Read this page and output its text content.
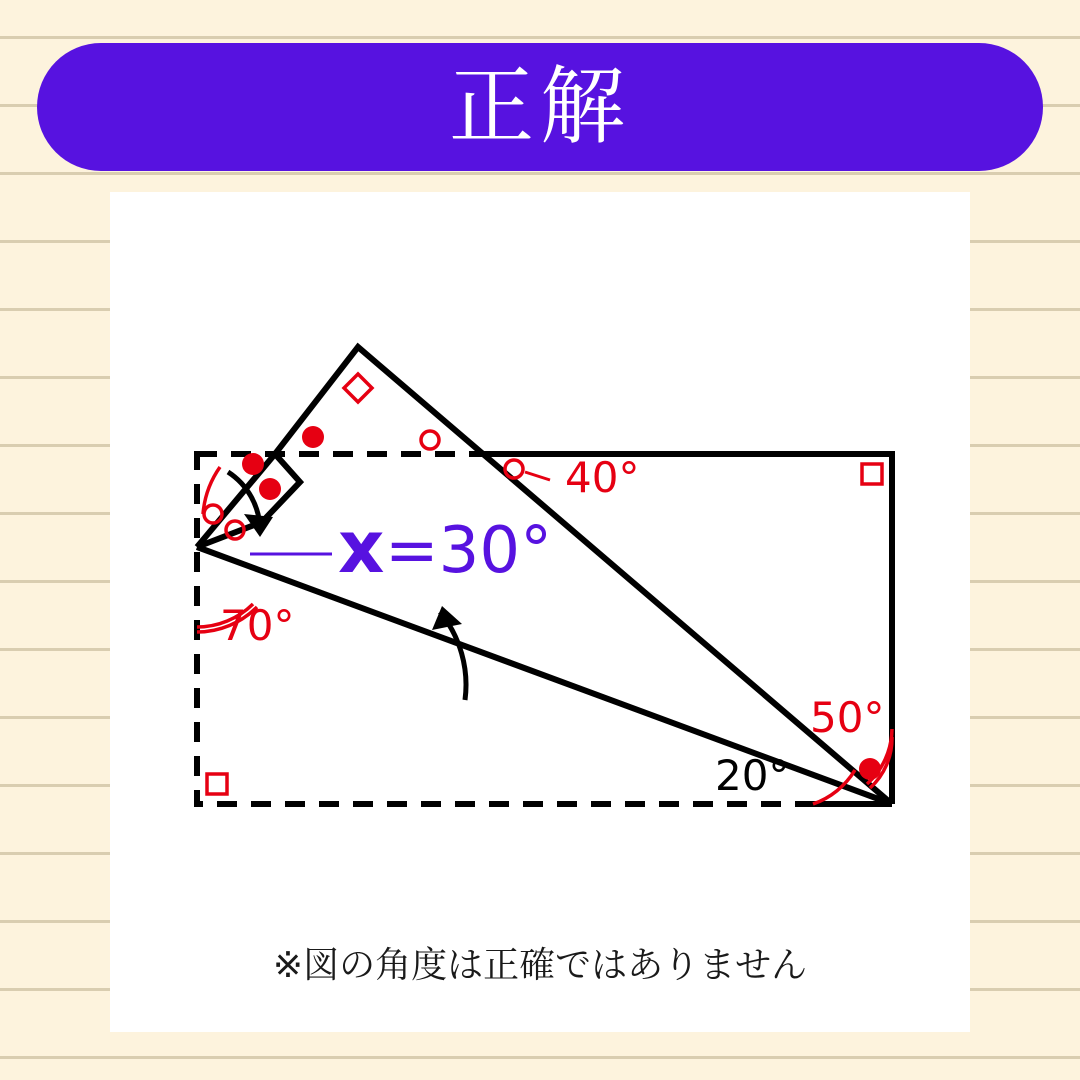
正解
40°
70°
50°
20°
x =30°
※図の角度は正確ではありません
